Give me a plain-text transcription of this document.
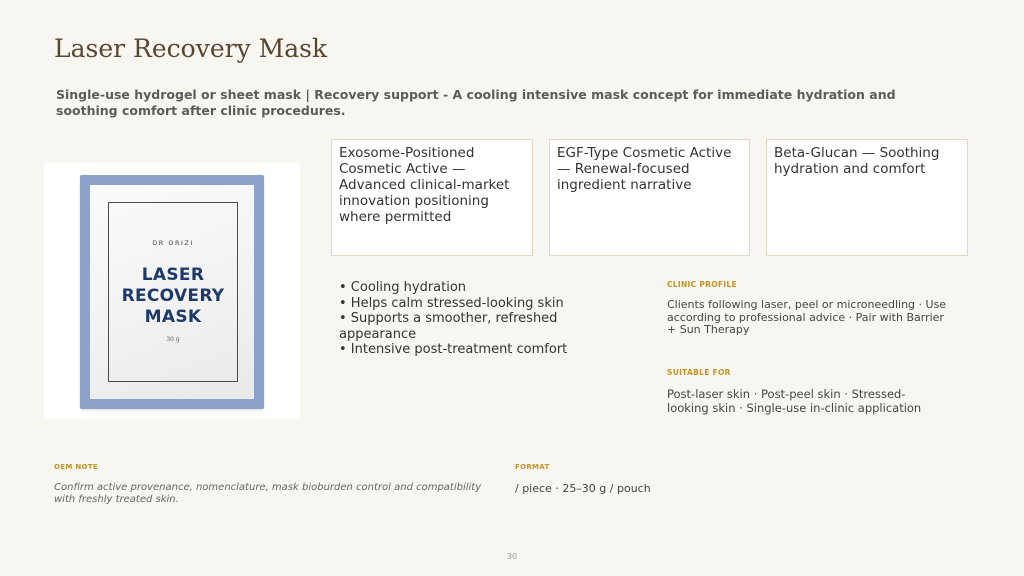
Laser Recovery Mask

Single-use hydrogel or sheet mask | Recovery support - A cooling intensive mask concept for immediate hydration and soothing comfort after clinic procedures.

DR ORIZI
LASER
RECOVERY
MASK
30 g
Exosome-Positioned Cosmetic Active — Advanced clinical-market innovation positioning where permitted
EGF-Type Cosmetic Active — Renewal-focused ingredient narrative
Beta-Glucan — Soothing hydration and comfort
• Cooling hydration
• Helps calm stressed-looking skin
• Supports a smoother, refreshed appearance
• Intensive post-treatment comfort
CLINIC PROFILE
Clients following laser, peel or microneedling · Use according to professional advice · Pair with Barrier + Sun Therapy
SUITABLE FOR
Post-laser skin · Post-peel skin · Stressed-looking skin · Single-use in-clinic application
OEM NOTE
Confirm active provenance, nomenclature, mask bioburden control and compatibility with freshly treated skin.
FORMAT
/ piece · 25–30 g / pouch
30
